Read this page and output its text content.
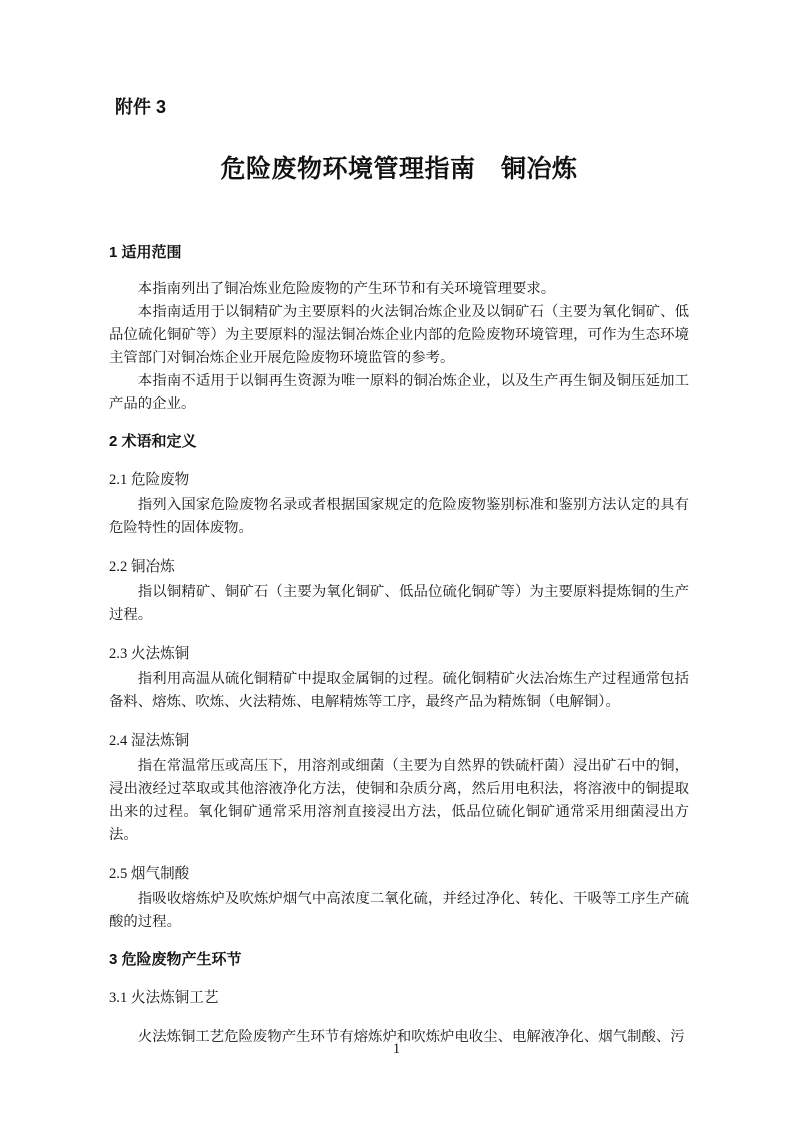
附件 3
危险废物环境管理指南　铜冶炼
1 适用范围
本指南列出了铜冶炼业危险废物的产生环节和有关环境管理要求。
本指南适用于以铜精矿为主要原料的火法铜冶炼企业及以铜矿石（主要为氧化铜矿、低品位硫化铜矿等）为主要原料的湿法铜冶炼企业内部的危险废物环境管理，可作为生态环境主管部门对铜冶炼企业开展危险废物环境监管的参考。
本指南不适用于以铜再生资源为唯一原料的铜冶炼企业，以及生产再生铜及铜压延加工产品的企业。
2 术语和定义
2.1 危险废物
指列入国家危险废物名录或者根据国家规定的危险废物鉴别标准和鉴别方法认定的具有危险特性的固体废物。
2.2 铜冶炼
指以铜精矿、铜矿石（主要为氧化铜矿、低品位硫化铜矿等）为主要原料提炼铜的生产过程。
2.3 火法炼铜
指利用高温从硫化铜精矿中提取金属铜的过程。硫化铜精矿火法冶炼生产过程通常包括备料、熔炼、吹炼、火法精炼、电解精炼等工序，最终产品为精炼铜（电解铜）。
2.4 湿法炼铜
指在常温常压或高压下，用溶剂或细菌（主要为自然界的铁硫杆菌）浸出矿石中的铜，浸出液经过萃取或其他溶液净化方法，使铜和杂质分离，然后用电积法，将溶液中的铜提取出来的过程。氧化铜矿通常采用溶剂直接浸出方法，低品位硫化铜矿通常采用细菌浸出方法。
2.5 烟气制酸
指吸收熔炼炉及吹炼炉烟气中高浓度二氧化硫，并经过净化、转化、干吸等工序生产硫酸的过程。
3 危险废物产生环节
3.1 火法炼铜工艺
火法炼铜工艺危险废物产生环节有熔炼炉和吹炼炉电收尘、电解液净化、烟气制酸、污
1
